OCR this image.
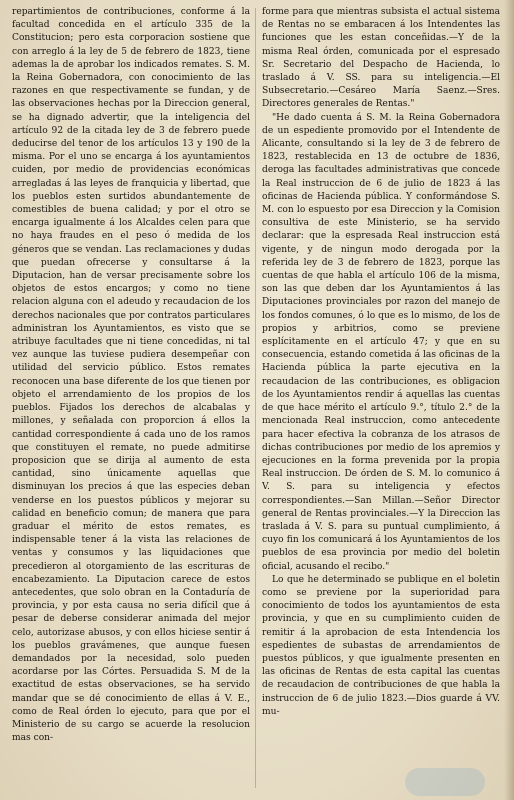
repartimientos de contribuciones, conforme á la facultad concedida en el artículo 335 de la Constitucion; pero esta corporacion sostiene que con arreglo á la ley de 5 de febrero de 1823, tiene ademas la de aprobar los indicados remates. S. M. la Reina Gobernadora, con conocimiento de las razones en que respectivamente se fundan, y de las observaciones hechas por la Direccion general, se ha dignado advertir, que la inteligencia del artículo 92 de la citada ley de 3 de febrero puede deducirse del tenor de los artículos 13 y 190 de la misma. Por el uno se encarga á los ayuntamientos cuiden, por medio de providencias económicas arregladas á las leyes de franquicia y libertad, que los pueblos esten surtidos abundantemente de comestibles de buena calidad; y por el otro se encarga igualmente á los Alcaldes celen para que no haya fraudes en el peso ó medida de los géneros que se vendan. Las reclamaciones y dudas que puedan ofrecerse y consultarse á la Diputacion, han de versar precisamente sobre los objetos de estos encargos; y como no tiene relacion alguna con el adeudo y recaudacion de los derechos nacionales que por contratos particulares administran los Ayuntamientos, es visto que se atribuye facultades que ni tiene concedidas, ni tal vez aunque las tuviese pudiera desempeñar con utilidad del servicio público. Estos remates reconocen una base diferente de los que tienen por objeto el arrendamiento de los propios de los pueblos. Fijados los derechos de alcabalas y millones, y señalada con proporcion á ellos la cantidad correspondiente á cada uno de los ramos que constituyen el remate, no puede admitirse proposicion que se dirija al aumento de esta cantidad, sino únicamente aquellas que disminuyan los precios á que las especies deban venderse en los puestos públicos y mejorar su calidad en beneficio comun; de manera que para graduar el mérito de estos remates, es indispensable tener á la vista las relaciones de ventas y consumos y las liquidaciones que precedieron al otorgamiento de las escrituras de encabezamiento. La Diputacion carece de estos antecedentes, que solo obran en la Contaduría de provincia, y por esta causa no seria difícil que á pesar de deberse considerar animada del mejor celo, autorizase abusos, y con ellos hiciese sentir á los pueblos gravámenes, que aunque fuesen demandados por la necesidad, solo pueden acordarse por las Córtes. Persuadida S. M de la exactitud de estas observaciones, se ha servido mandar que se dé conocimiento de ellas á V. E., como de Real órden lo ejecuto, para que por el Ministerio de su cargo se acuerde la resolucion mas con-

forme para que mientras subsista el actual sistema de Rentas no se embaracen á los Intendentes las funciones que les estan conceñidas.—Y de la misma Real órden, comunicada por el espresado Sr. Secretario del Despacho de Hacienda, lo traslado á V. SS. para su inteligencia.—El Subsecretario.—Cesáreo María Saenz.—Sres. Directores generales de Rentas."

"He dado cuenta á S. M. la Reina Gobernadora de un espediente promovido por el Intendente de Alicante, consultando si la ley de 3 de febrero de 1823, restablecida en 13 de octubre de 1836, deroga las facultades administrativas que concede la Real instruccion de 6 de julio de 1823 á las oficinas de Hacienda pública. Y conformándose S. M. con lo espuesto por esa Direccion y la Comision consultiva de este Ministerio, se ha servido declarar: que la espresada Real instruccion está vigente, y de ningun modo derogada por la referida ley de 3 de febrero de 1823, porque las cuentas de que habla el artículo 106 de la misma, son las que deben dar los Ayuntamientos á las Diputaciones provinciales por razon del manejo de los fondos comunes, ó lo que es lo mismo, de los de propios y arbitrios, como se previene esplícitamente en el artículo 47; y que en su consecuencia, estando cometida á las oficinas de la Hacienda pública la parte ejecutiva en la recaudacion de las contribuciones, es obligacion de los Ayuntamientos rendir á aquellas las cuentas de que hace mérito el artículo 9.°, título 2.° de la mencionada Real instruccion, como antecedente para hacer efectiva la cobranza de los atrasos de dichas contribuciones por medio de los apremios y ejecuciones en la forma prevenida por la propia Real instruccion. De órden de S. M. lo comunico á V. S. para su inteligencia y efectos correspondientes.—San Millan.—Señor Director general de Rentas provinciales.—Y la Direccion las traslada á V. S. para su puntual cumplimiento, á cuyo fin los comunicará á los Ayuntamientos de los pueblos de esa provincia por medio del boletin oficial, acusando el recibo."

Lo que he determinado se publique en el boletin como se previene por la superioridad para conocimiento de todos los ayuntamientos de esta provincia, y que en su cumplimiento cuiden de remitir á la aprobacion de esta Intendencia los espedientes de subastas de arrendamientos de puestos públicos, y que igualmente presenten en las oficinas de Rentas de esta capital las cuentas de recaudacion de contribuciones de que habla la instruccion de 6 de julio 1823.—Dios guarde á VV. mu-
